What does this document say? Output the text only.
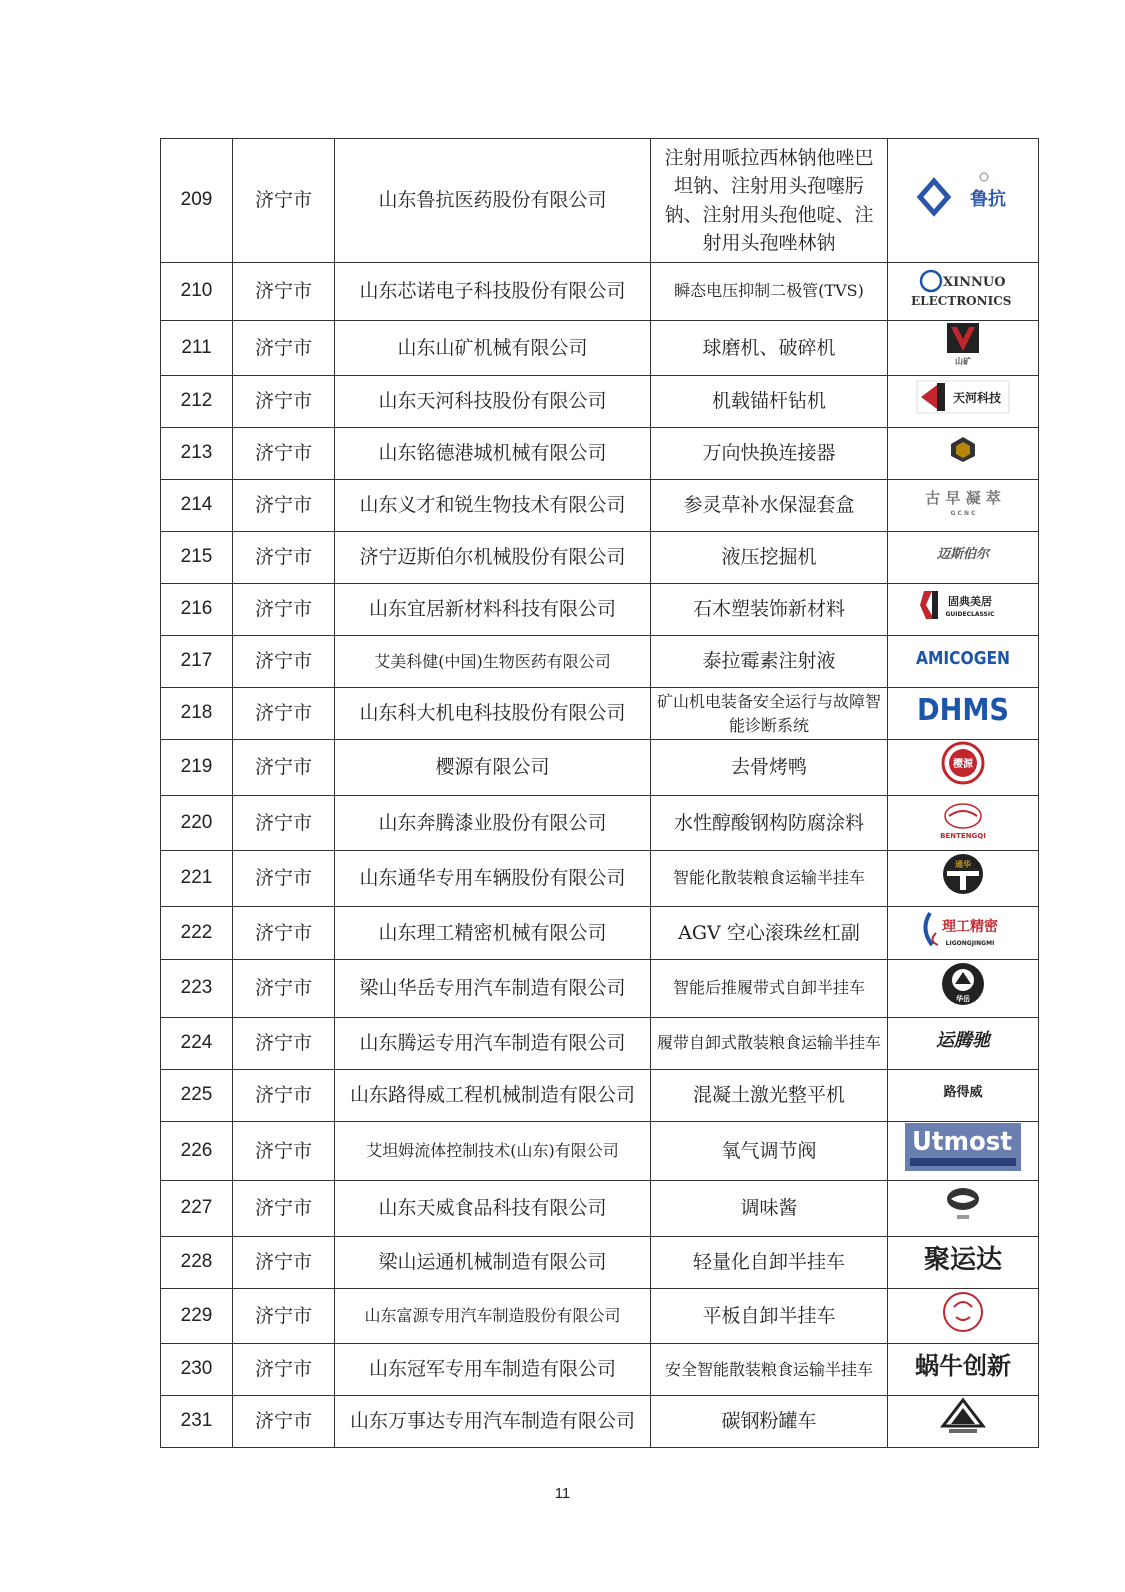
209	济宁市	山东鲁抗医药股份有限公司	注射用哌拉西林钠他唑巴坦钠、注射用头孢噻肟钠、注射用头孢他啶、注射用头孢唑林钠	鲁抗

210	济宁市	山东芯诺电子科技股份有限公司	瞬态电压抑制二极管(TVS)	XINNUO
ELECTRONICS

211	济宁市	山东山矿机械有限公司	球磨机、破碎机	山矿

212	济宁市	山东天河科技股份有限公司	机载锚杆钻机	天河科技

213	济宁市	山东铭德港城机械有限公司	万向快换连接器	

214	济宁市	山东义才和锐生物技术有限公司	参灵草补水保湿套盒	古 早 凝 萃
G C N C

215	济宁市	济宁迈斯伯尔机械股份有限公司	液压挖掘机	迈斯伯尔

216	济宁市	山东宜居新材料科技有限公司	石木塑装饰新材料	固典美居
GUIDECLASSIC

217	济宁市	艾美科健(中国)生物医药有限公司	泰拉霉素注射液	AMICOGEN

218	济宁市	山东科大机电科技股份有限公司	矿山机电装备安全运行与故障智能诊断系统	DHMS

219	济宁市	樱源有限公司	去骨烤鸭	樱源

220	济宁市	山东奔腾漆业股份有限公司	水性醇酸钢构防腐涂料	BENTENGQI

221	济宁市	山东通华专用车辆股份有限公司	智能化散装粮食运输半挂车	通华

222	济宁市	山东理工精密机械有限公司	AGV 空心滚珠丝杠副	理工精密
LIGONGJINGMI

223	济宁市	梁山华岳专用汽车制造有限公司	智能后推履带式自卸半挂车	华岳

224	济宁市	山东腾运专用汽车制造有限公司	履带自卸式散装粮食运输半挂车	运腾驰

225	济宁市	山东路得威工程机械制造有限公司	混凝土激光整平机	路得威

226	济宁市	艾坦姆流体控制技术(山东)有限公司	氧气调节阀	Utmost

227	济宁市	山东天威食品科技有限公司	调味酱	

228	济宁市	梁山运通机械制造有限公司	轻量化自卸半挂车	聚运达

229	济宁市	山东富源专用汽车制造股份有限公司	平板自卸半挂车	

230	济宁市	山东冠军专用车制造有限公司	安全智能散装粮食运输半挂车	蜗牛创新

231	济宁市	山东万事达专用汽车制造有限公司	碳钢粉罐车	
11
